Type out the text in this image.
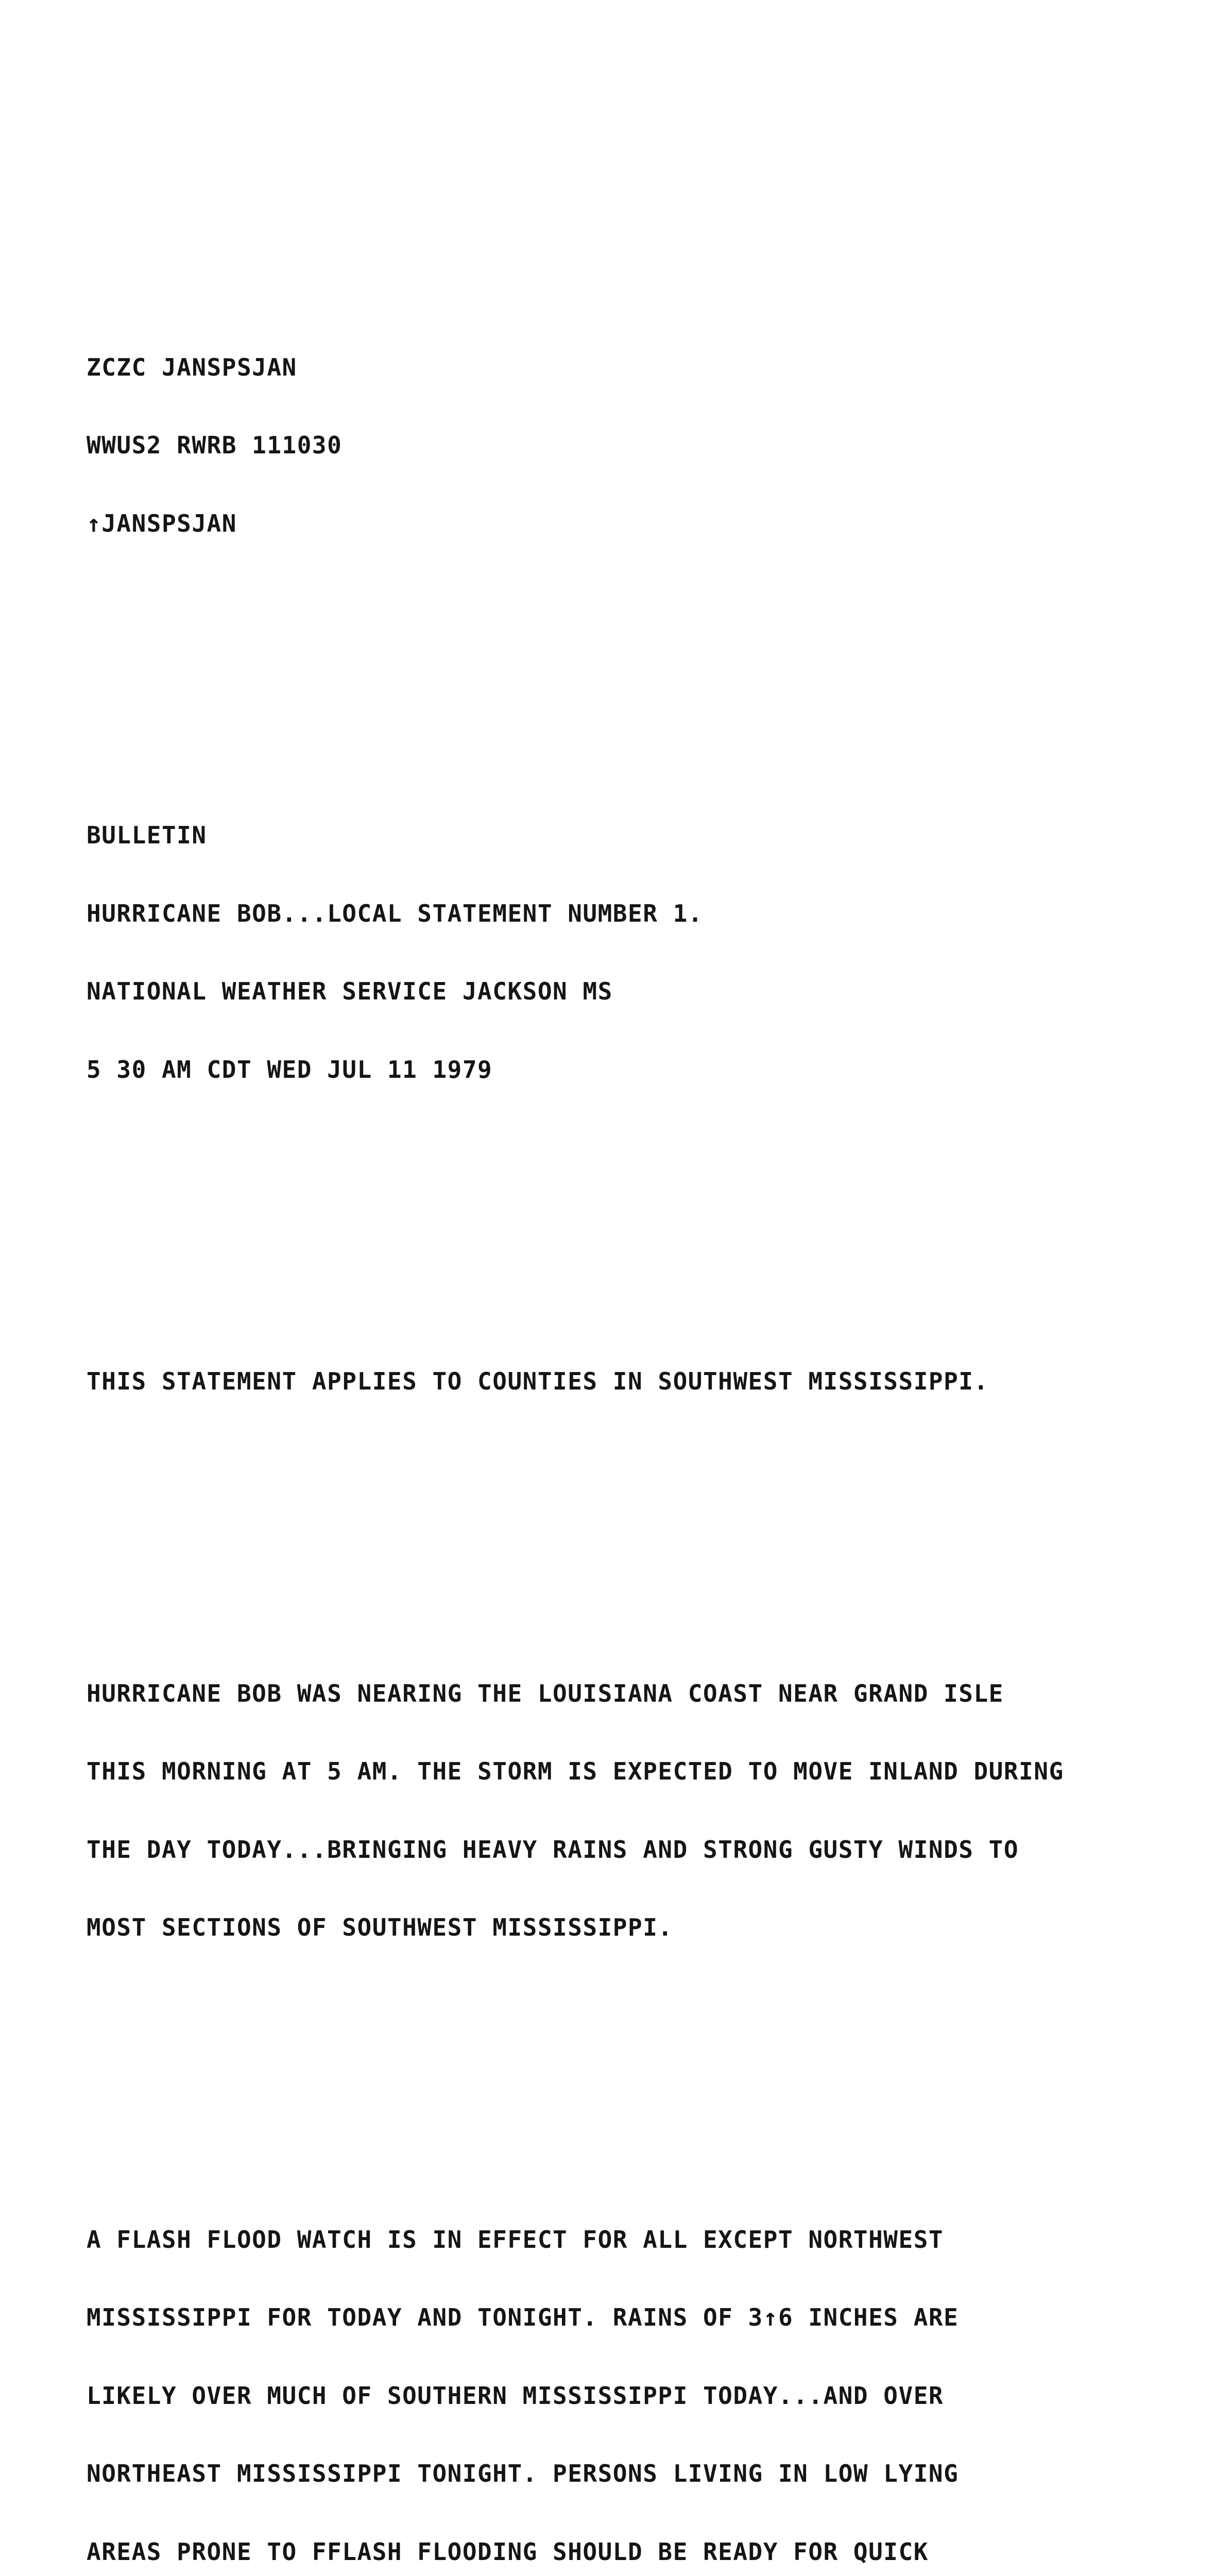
ZCZC JANSPSJAN

WWUS2 RWRB 111030

↑JANSPSJAN

BULLETIN

HURRICANE BOB...LOCAL STATEMENT NUMBER 1.

NATIONAL WEATHER SERVICE JACKSON MS

5 30 AM CDT WED JUL 11 1979

THIS STATEMENT APPLIES TO COUNTIES IN SOUTHWEST MISSISSIPPI.

HURRICANE BOB WAS NEARING THE LOUISIANA COAST NEAR GRAND ISLE

THIS MORNING AT 5 AM. THE STORM IS EXPECTED TO MOVE INLAND DURING

THE DAY TODAY...BRINGING HEAVY RAINS AND STRONG GUSTY WINDS TO

MOST SECTIONS OF SOUTHWEST MISSISSIPPI.

A FLASH FLOOD WATCH IS IN EFFECT FOR ALL EXCEPT NORTHWEST

MISSISSIPPI FOR TODAY AND TONIGHT. RAINS OF 3↑6 INCHES ARE

LIKELY OVER MUCH OF SOUTHERN MISSISSIPPI TODAY...AND OVER

NORTHEAST MISSISSIPPI TONIGHT. PERSONS LIVING IN LOW LYING

AREAS PRONE TO FFLASH FLOODING SHOULD BE READY FOR QUICK
